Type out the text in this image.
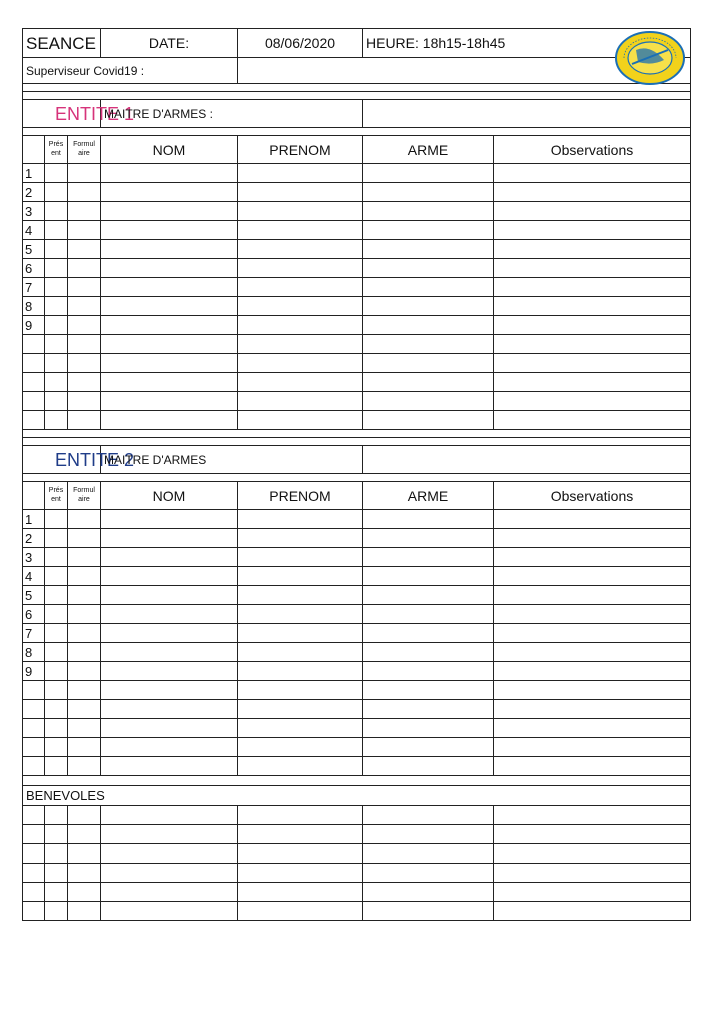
SEANCE			DATE:	08/06/2020	HEURE: 18h15-18h45	
Superviseur Covid19 :						

ENTITE 1			MAITRE D'ARMES :			

	Prés ent	Formul aire	NOM	PRENOM	ARME	Observations
1						
2						
3						
4						
5						
6						
7						
8						
9						

ENTITE 2			MAITRE D'ARMES			

	Prés ent	Formul aire	NOM	PRENOM	ARME	Observations
1						
2						
3						
4						
5						
6						
7						
8						
9						

BENEVOLES						
